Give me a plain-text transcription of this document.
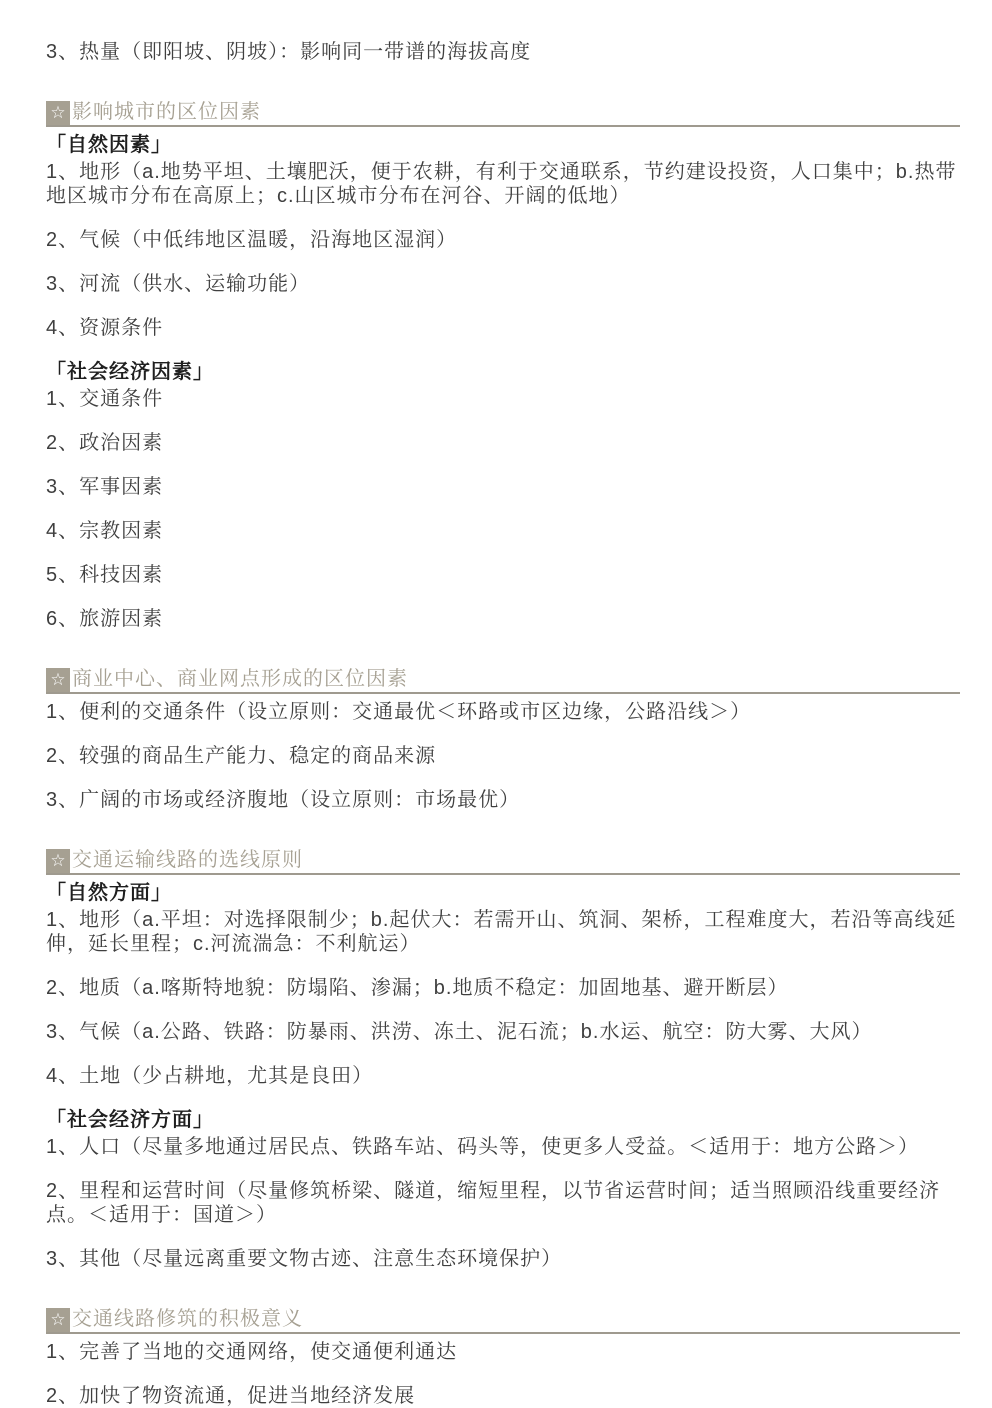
3、热量（即阳坡、阴坡）：影响同一带谱的海拔高度

☆ 影响城市的区位因素

「自然因素」

1、地形（a.地势平坦、土壤肥沃，便于农耕，有利于交通联系，节约建设投资，人口集中；b.热带地区城市分布在高原上；c.山区城市分布在河谷、开阔的低地）

2、气候（中低纬地区温暖，沿海地区湿润）

3、河流（供水、运输功能）

4、资源条件

「社会经济因素」

1、交通条件

2、政治因素

3、军事因素

4、宗教因素

5、科技因素

6、旅游因素

☆ 商业中心、商业网点形成的区位因素

1、便利的交通条件（设立原则：交通最优＜环路或市区边缘，公路沿线＞）

2、较强的商品生产能力、稳定的商品来源

3、广阔的市场或经济腹地（设立原则：市场最优）

☆ 交通运输线路的选线原则

「自然方面」

1、地形（a.平坦：对选择限制少；b.起伏大：若需开山、筑洞、架桥，工程难度大，若沿等高线延伸，延长里程；c.河流湍急：不利航运）

2、地质（a.喀斯特地貌：防塌陷、渗漏；b.地质不稳定：加固地基、避开断层）

3、气候（a.公路、铁路：防暴雨、洪涝、冻土、泥石流；b.水运、航空：防大雾、大风）

4、土地（少占耕地，尤其是良田）

「社会经济方面」

1、人口（尽量多地通过居民点、铁路车站、码头等，使更多人受益。＜适用于：地方公路＞）

2、里程和运营时间（尽量修筑桥梁、隧道，缩短里程，以节省运营时间；适当照顾沿线重要经济点。＜适用于：国道＞）

3、其他（尽量远离重要文物古迹、注意生态环境保护）

☆ 交通线路修筑的积极意义

1、完善了当地的交通网络，使交通便利通达

2、加快了物资流通，促进当地经济发展
